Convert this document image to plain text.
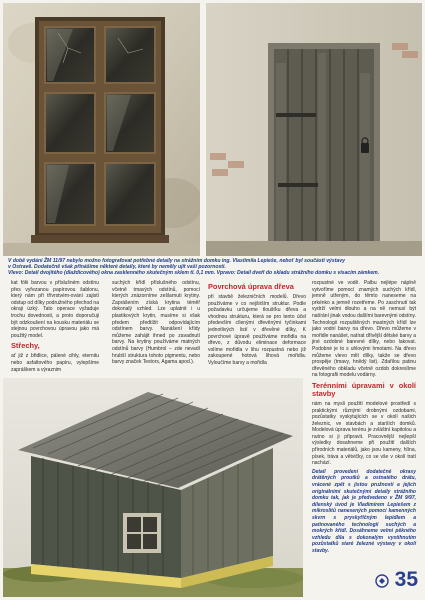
V době vydání ŽM 11/97 nebylo možno fotografovat potřebné detaily na strážním domku ing. Vlastimila Lepieše, neboť byl součástí výstavy

v Ostravě. Dodatečně však přinášíme některé detaily, které by neměly ujít vaší pozornosti.

Vlevo: Detail dvojitého (dlaždicového) okna zasklenného skutečným sklem tl. 0,1 mm. Vpravo: Detail dveří do skladu strážního domku s visacím zámkem.

kat fólii barvou v příslušném odstínu přes vyřezanou papírovou šablonu, který nám při třívrstvém-ování zajistí odstup od dílky podružného přechod na okraji úzký. Tato operace vyžaduje trochu dovednosti, a proto doporučuji být odzkoušení na kousku materiálu se stejnou povrchovou úpravou jako má použitý model.

Střechy,

ať již z břidlice, pálené cihly, eternitu nebo asfaltového papíru, vylepšíme zapráškem a výraznim

suchých křídl příslušného odstínu, včetně tmavých odstínů, pomocí kterých znázorníme zešlarnuti krytiny. Zaprášením získá krytina téměř dokonalý vzhled. Lze uplatnit i u plastikových krytin, musíme si však předem předtížit odpovídajícím odstínem barvy. Nanášení křídy můžeme zahájit ihned po zavadnutí barvy. Na krytiny používáme matných odstínů barvy (Humbrol – zde nevadí hrubší struktura tohoto pigmentu, nebo barvy značek Testors, Agama apod.).

Povrchová úprava dřeva

při stavbě železničních modelů. Dřevo používáme v co nejširším struktur. Podle požadavku určujeme tloušťku dřeva a vhodnou strukturu, která se pro tento účel především cílenými dřevěnými tyčinkami jednotlivých listí v dřevěné dílky, K povrchové úpravě používáme mořidla na dřevo, z důvodu eliminace deformace volíme mořidla v lihu rozpustná nebo již zakoupené hotová lihová mořidla. Vyloučíme barvy a mořidla

rozpustné ve vodě. Palbu nejlépe náplně vytvoříme pomocí znamých suchých křídl, jemně utřeným, do těmto naneseme na prkénko a jemně rozetřeme. Po zaschnutí tak vydrží velmi dlouho a na ně nemusí být natírání jinak vodou dalšími barevnými odstíny. Technologii rozpuštěných mastných křídl lze jako vodní barvy na dřevo. Dřevo můžeme v mořidle nanášet, natírat dřívější dětské barvy a jiné ozdobné barevné dílky, nebo lakovat. Podobné je to s uhlovými hmotami. Na dřevo můžeme vlevo mlít dílky, takže se dřevo prospěje (tmavy, hnědý list). Zdařilou patinu dřevěného obkladu včetně ozdob dokreslíme na fotografii modelu vodárny.

Terénními úpravami v okolí stavby

nám na mysli použití modelové prostředí s praktickými různými drobnými ozdobami, pozůstatky vyskytujících se v okolí našich železnic, ve stavbách a starších domků. Modelová úprava terénu je zvláštní kapitolou a nutno si ji připravit. Pracovnější nejlepší výsledky dosahneme při použití dalších přírodních materiálů, jako jsou kameny, hlína, písek, tráva a větvičky, co se vše v okolí tratí nachází.

Detail provedení dodatečné okrasy drátěných proutků a ostnatého drátu, vrácené zpět s jistou pružností a jejich originálními skutečnými detaily strážního domku tak, jak je předvedeno v ŽM 9/97, dílenský úvod je Vladimírem Lepiešem z mikroslitů nanesených pomocí kamenných skvrn s pryskyřičným lepidlem a patinovaného technologií suchých a mokrých křídl. Dosáhneme velmi pěkného vzhledu díla s dokonalým vystihnutím pozůstatků staré železné výstavy v okolí stavby.

35
